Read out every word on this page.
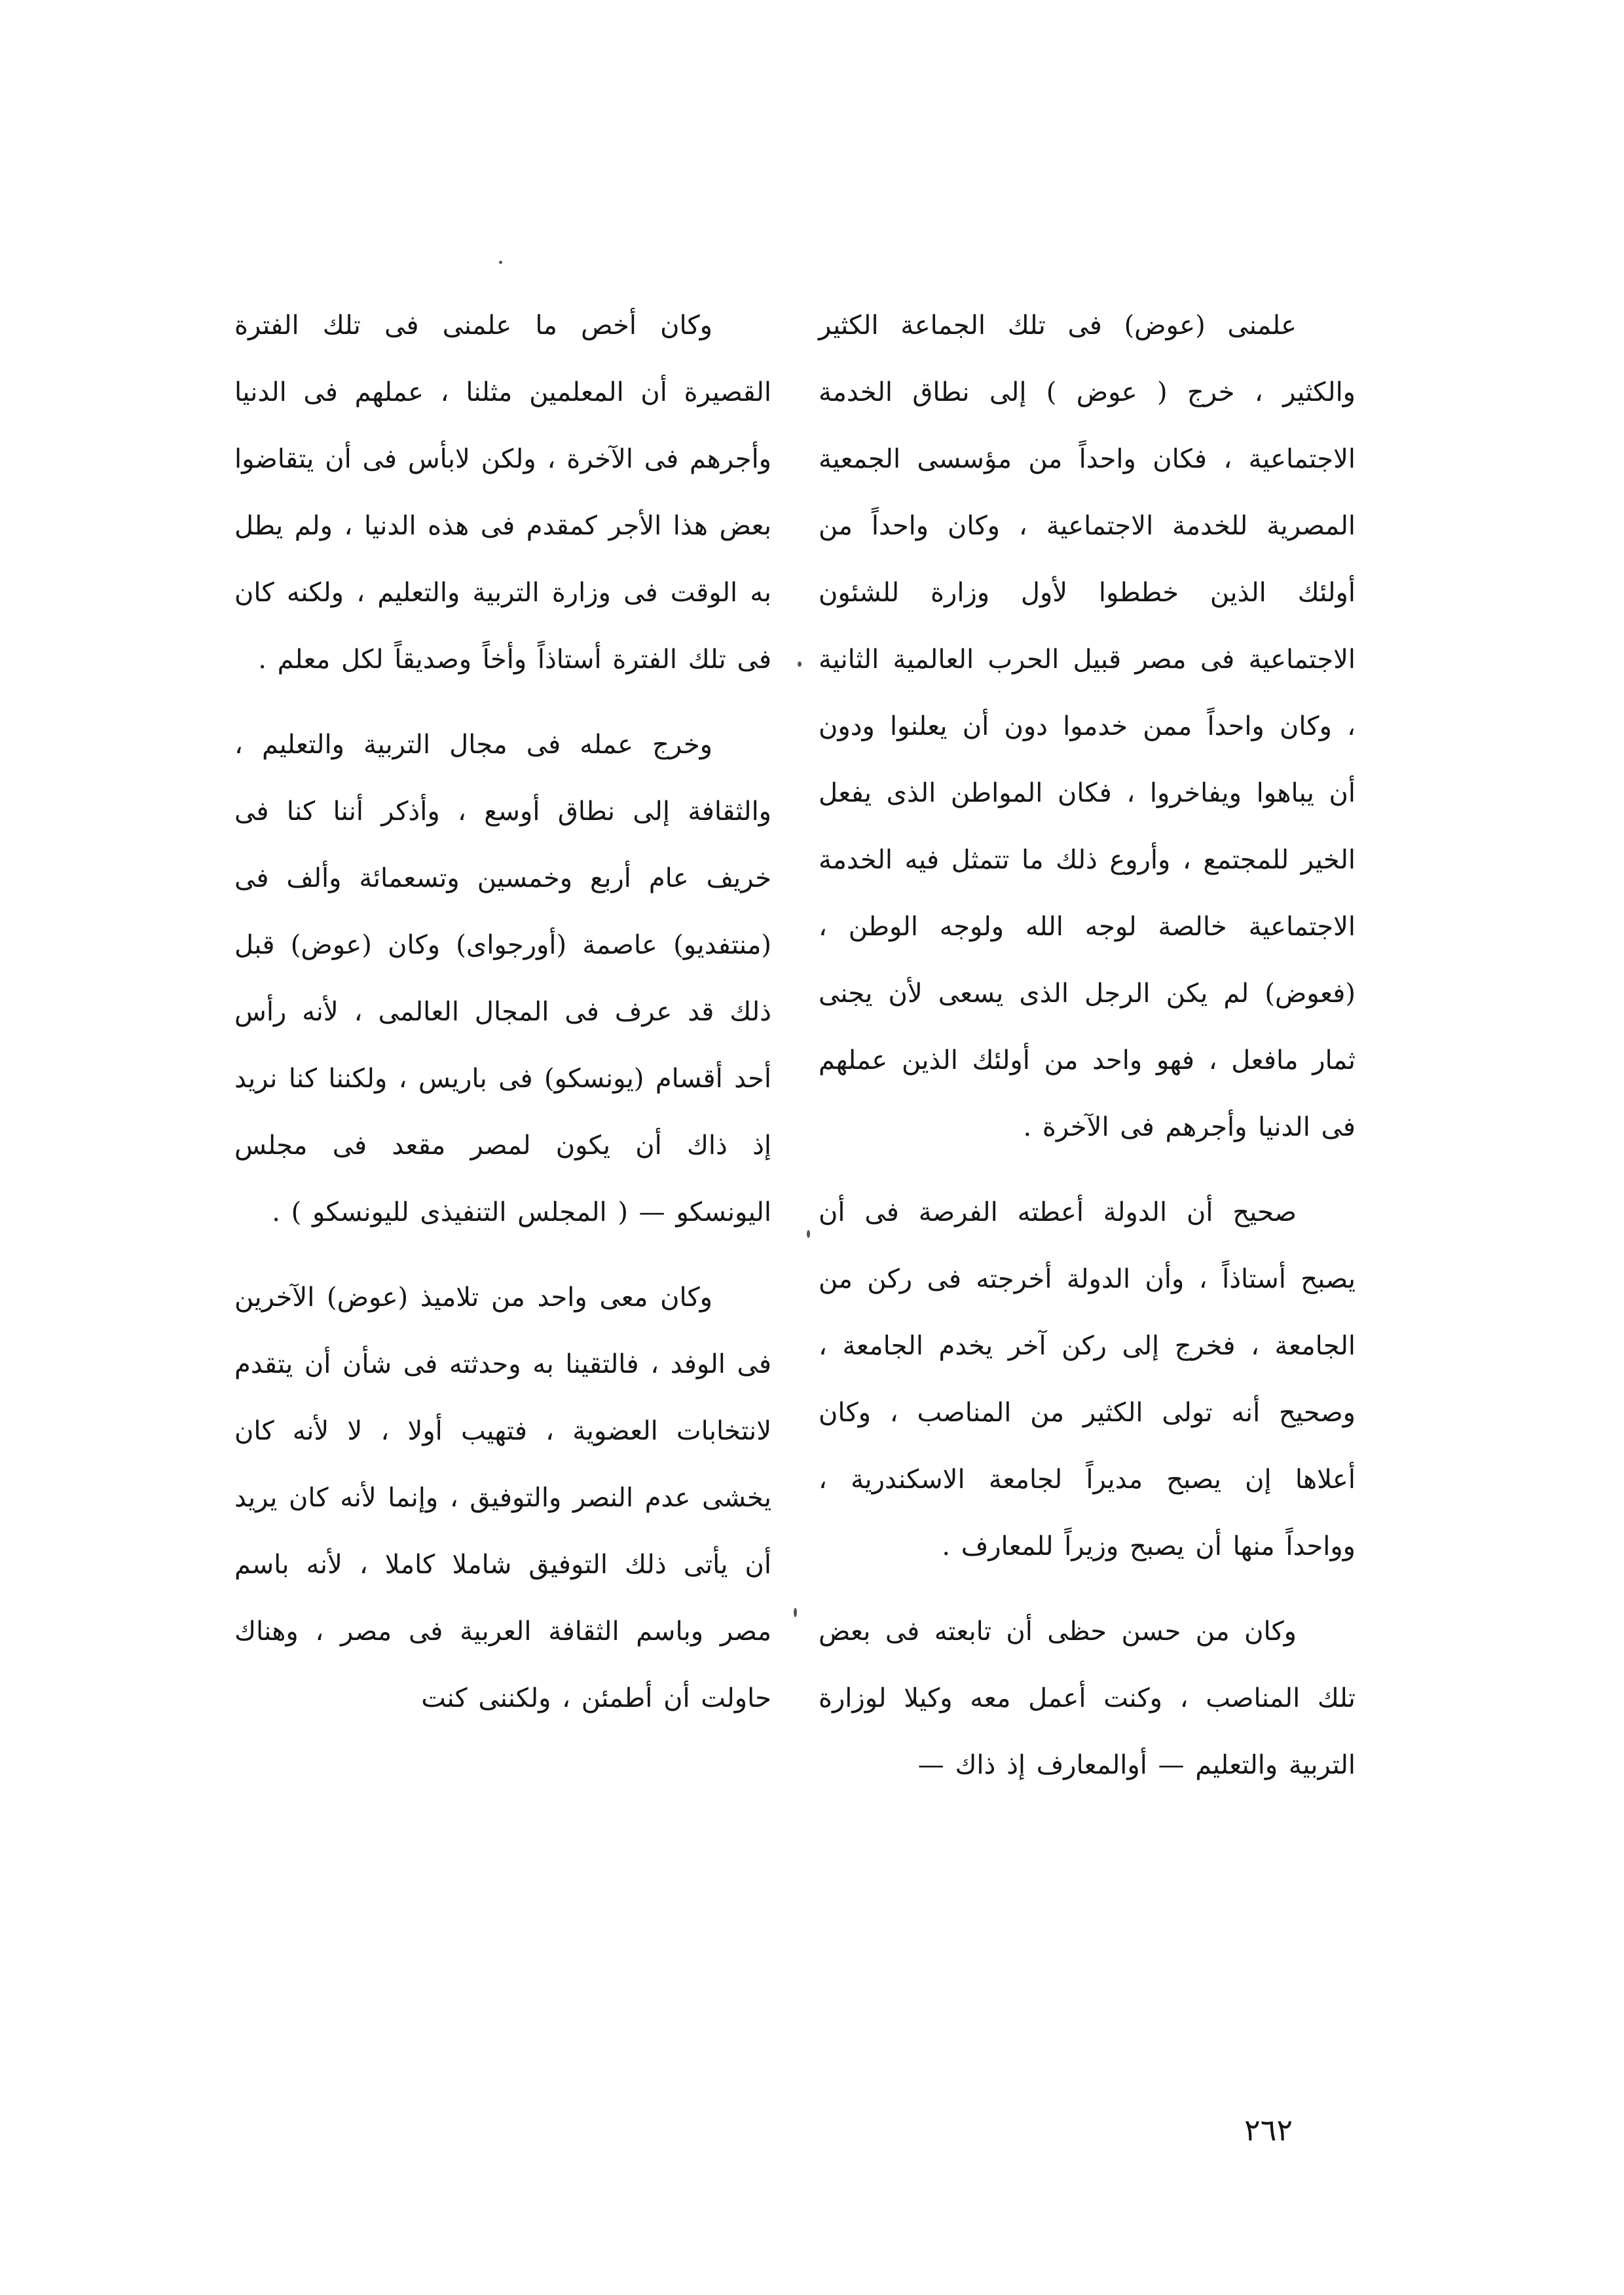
علمنى (عوض) فى تلك الجماعة الكثير والكثير ، خرج ( عوض ) إلى نطاق الخدمة الاجتماعية ، فكان واحداً من مؤسسى الجمعية المصرية للخدمة الاجتماعية ، وكان واحداً من أولئك الذين خططوا لأول وزارة للشئون الاجتماعية فى مصر قبيل الحرب العالمية الثانية ، وكان واحداً ممن خدموا دون أن يعلنوا ودون أن يباهوا ويفاخروا ، فكان المواطن الذى يفعل الخير للمجتمع ، وأروع ذلك ما تتمثل فيه الخدمة الاجتماعية خالصة لوجه الله ولوجه الوطن ، (فعوض) لم يكن الرجل الذى يسعى لأن يجنى ثمار مافعل ، فهو واحد من أولئك الذين عملهم فى الدنيا وأجرهم فى الآخرة .

صحيح أن الدولة أعطته الفرصة فى أن يصبح أستاذاً ، وأن الدولة أخرجته فى ركن من الجامعة ، فخرج إلى ركن آخر يخدم الجامعة ، وصحيح أنه تولى الكثير من المناصب ، وكان أعلاها إن يصبح مديراً لجامعة الاسكندرية ، وواحداً منها أن يصبح وزيراً للمعارف .

وكان من حسن حظى أن تابعته فى بعض تلك المناصب ، وكنت أعمل معه وكيلا لوزارة التربية والتعليم — أوالمعارف إذ ذاك —

وكان أخص ما علمنى فى تلك الفترة القصيرة أن المعلمين مثلنا ، عملهم فى الدنيا وأجرهم فى الآخرة ، ولكن لابأس فى أن يتقاضوا بعض هذا الأجر كمقدم فى هذه الدنيا ، ولم يطل به الوقت فى وزارة التربية والتعليم ، ولكنه كان فى تلك الفترة أستاذاً وأخاً وصديقاً لكل معلم .

وخرج عمله فى مجال التربية والتعليم ، والثقافة إلى نطاق أوسع ، وأذكر أننا كنا فى خريف عام أربع وخمسين وتسعمائة وألف فى (منتفديو) عاصمة (أورجواى) وكان (عوض) قبل ذلك قد عرف فى المجال العالمى ، لأنه رأس أحد أقسام (يونسكو) فى باريس ، ولكننا كنا نريد إذ ذاك أن يكون لمصر مقعد فى مجلس اليونسكو — ( المجلس التنفيذى لليونسكو ) .

وكان معى واحد من تلاميذ (عوض) الآخرين فى الوفد ، فالتقينا به وحدثته فى شأن أن يتقدم لانتخابات العضوية ، فتهيب أولا ، لا لأنه كان يخشى عدم النصر والتوفيق ، وإنما لأنه كان يريد أن يأتى ذلك التوفيق شاملا كاملا ، لأنه باسم مصر وباسم الثقافة العربية فى مصر ، وهناك حاولت أن أطمئن ، ولكننى كنت

٢٦٢
